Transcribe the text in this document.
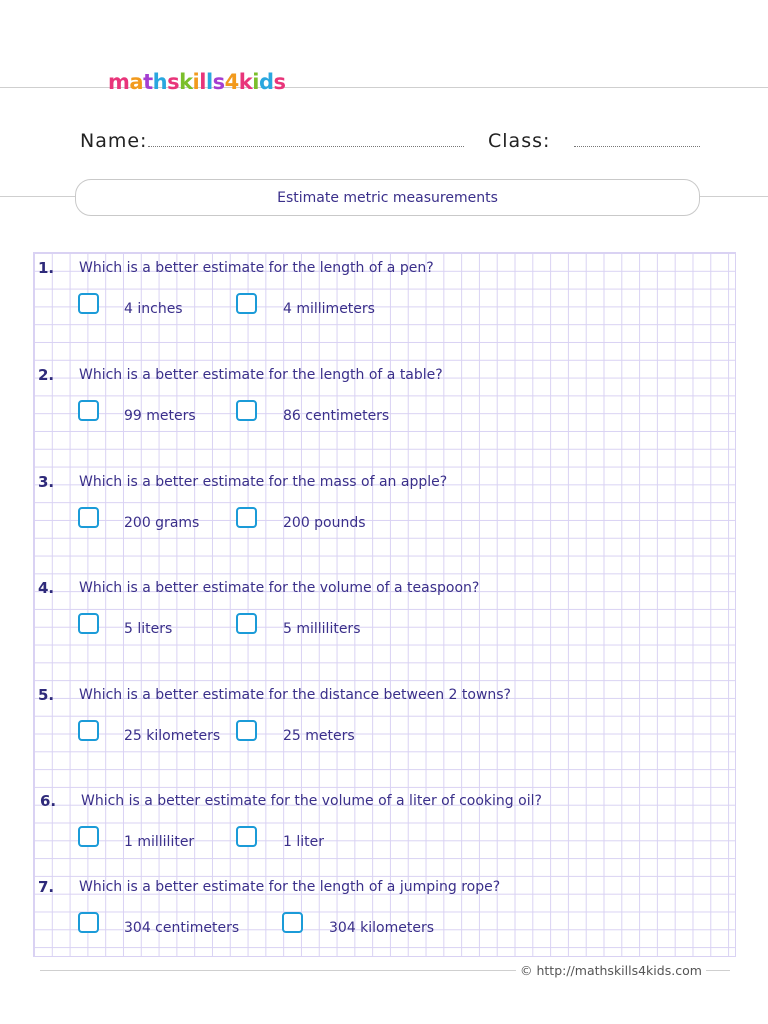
mathskills4kids
Name:	Class:
Estimate metric measurements
1. Which is a better estimate for the length of a pen?
4 inches	4 millimeters
2. Which is a better estimate for the length of a table?
99 meters	86 centimeters
3. Which is a better estimate for the mass of an apple?
200 grams	200 pounds
4. Which is a better estimate for the volume of a teaspoon?
5 liters	5 milliliters
5. Which is a better estimate for the distance between 2 towns?
25 kilometers	25 meters
6. Which is a better estimate for the volume of a liter of cooking oil?
1 milliliter	1 liter
7. Which is a better estimate for the length of a jumping rope?
304 centimeters	304 kilometers
© http://mathskills4kids.com
